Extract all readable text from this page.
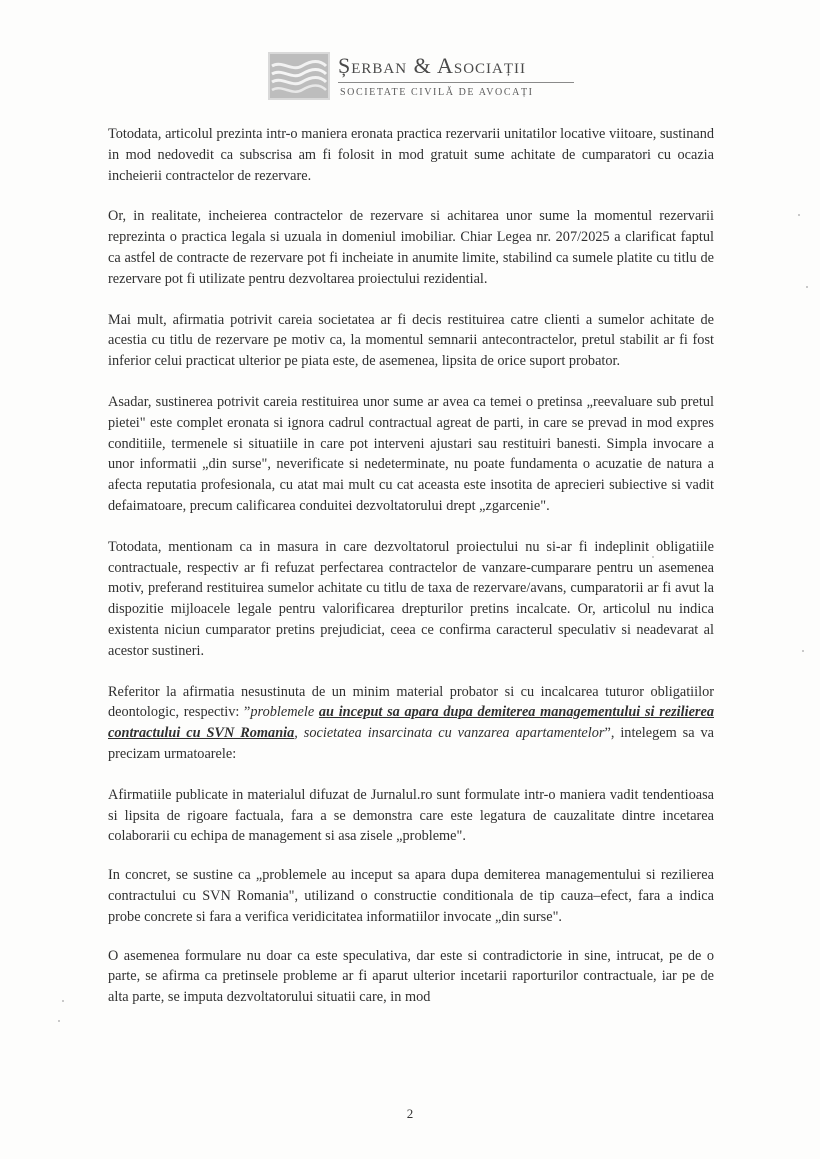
Șerban & Asociații
SOCIETATE CIVILĂ DE AVOCAȚI

Totodata, articolul prezinta intr-o maniera eronata practica rezervarii unitatilor locative viitoare, sustinand in mod nedovedit ca subscrisa am fi folosit in mod gratuit sume achitate de cumparatori cu ocazia incheierii contractelor de rezervare.

Or, in realitate, incheierea contractelor de rezervare si achitarea unor sume la momentul rezervarii reprezinta o practica legala si uzuala in domeniul imobiliar. Chiar Legea nr. 207/2025 a clarificat faptul ca astfel de contracte de rezervare pot fi incheiate in anumite limite, stabilind ca sumele platite cu titlu de rezervare pot fi utilizate pentru dezvoltarea proiectului rezidential.

Mai mult, afirmatia potrivit careia societatea ar fi decis restituirea catre clienti a sumelor achitate de acestia cu titlu de rezervare pe motiv ca, la momentul semnarii antecontractelor, pretul stabilit ar fi fost inferior celui practicat ulterior pe piata este, de asemenea, lipsita de orice suport probator.

Asadar, sustinerea potrivit careia restituirea unor sume ar avea ca temei o pretinsa „reevaluare sub pretul pietei" este complet eronata si ignora cadrul contractual agreat de parti, in care se prevad in mod expres conditiile, termenele si situatiile in care pot interveni ajustari sau restituiri banesti. Simpla invocare a unor informatii „din surse", neverificate si nedeterminate, nu poate fundamenta o acuzatie de natura a afecta reputatia profesionala, cu atat mai mult cu cat aceasta este insotita de aprecieri subiective si vadit defaimatoare, precum calificarea conduitei dezvoltatorului drept „zgarcenie".

Totodata, mentionam ca in masura in care dezvoltatorul proiectului nu si-ar fi indeplinit obligatiile contractuale, respectiv ar fi refuzat perfectarea contractelor de vanzare-cumparare pentru un asemenea motiv, preferand restituirea sumelor achitate cu titlu de taxa de rezervare/avans, cumparatorii ar fi avut la dispozitie mijloacele legale pentru valorificarea drepturilor pretins incalcate. Or, articolul nu indica existenta niciun cumparator pretins prejudiciat, ceea ce confirma caracterul speculativ si neadevarat al acestor sustineri.

Referitor la afirmatia nesustinuta de un minim material probator si cu incalcarea tuturor obligatiilor deontologic, respectiv: ”problemele au inceput sa apara dupa demiterea managementului si rezilierea contractului cu SVN Romania, societatea insarcinata cu vanzarea apartamentelor”, intelegem sa va precizam urmatoarele:

Afirmatiile publicate in materialul difuzat de Jurnalul.ro sunt formulate intr-o maniera vadit tendentioasa si lipsita de rigoare factuala, fara a se demonstra care este legatura de cauzalitate dintre incetarea colaborarii cu echipa de management si asa zisele „probleme".

In concret, se sustine ca „problemele au inceput sa apara dupa demiterea managementului si rezilierea contractului cu SVN Romania", utilizand o constructie conditionala de tip cauza–efect, fara a indica probe concrete si fara a verifica veridicitatea informatiilor invocate „din surse".

O asemenea formulare nu doar ca este speculativa, dar este si contradictorie in sine, intrucat, pe de o parte, se afirma ca pretinsele probleme ar fi aparut ulterior incetarii raporturilor contractuale, iar pe de alta parte, se imputa dezvoltatorului situatii care, in mod

2
